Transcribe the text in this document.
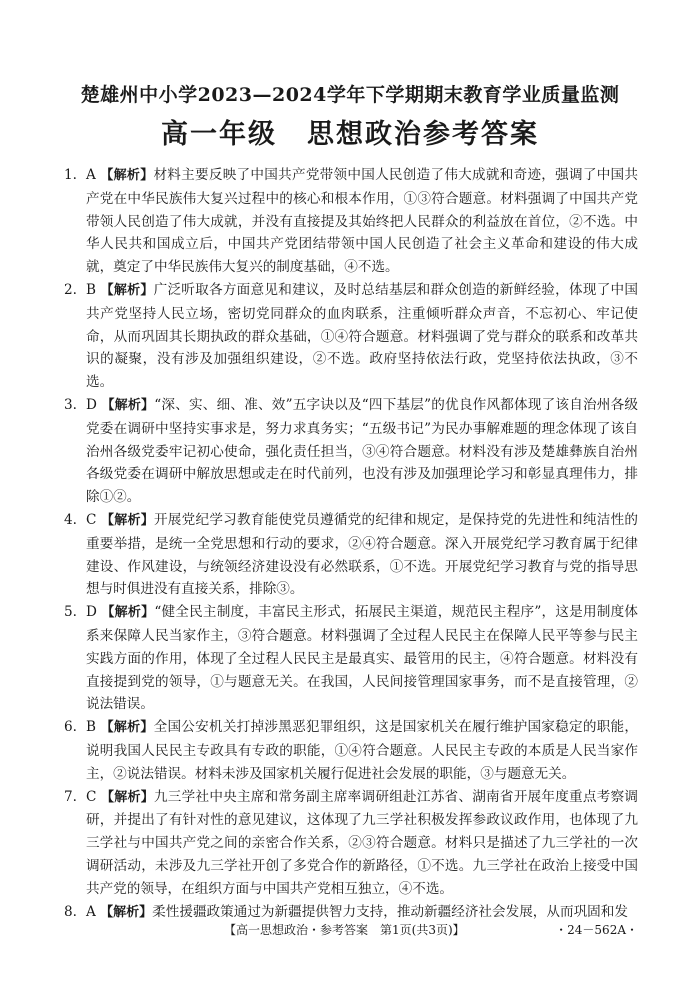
楚雄州中小学2023—2024学年下学期期末教育学业质量监测
高一年级 思想政治参考答案

1. A 【解析】材料主要反映了中国共产党带领中国人民创造了伟大成就和奇迹，强调了中国共产党在中华民族伟大复兴过程中的核心和根本作用，①③符合题意。材料强调了中国共产党带领人民创造了伟大成就，并没有直接提及其始终把人民群众的利益放在首位，②不选。中华人民共和国成立后，中国共产党团结带领中国人民创造了社会主义革命和建设的伟大成就，奠定了中华民族伟大复兴的制度基础，④不选。

2. B 【解析】广泛听取各方面意见和建议，及时总结基层和群众创造的新鲜经验，体现了中国共产党坚持人民立场，密切党同群众的血肉联系，注重倾听群众声音，不忘初心、牢记使命，从而巩固其长期执政的群众基础，①④符合题意。材料强调了党与群众的联系和改革共识的凝聚，没有涉及加强组织建设，②不选。政府坚持依法行政，党坚持依法执政，③不选。

3. D 【解析】“深、实、细、准、效”五字诀以及“四下基层”的优良作风都体现了该自治州各级党委在调研中坚持实事求是，努力求真务实；“五级书记”为民办事解难题的理念体现了该自治州各级党委牢记初心使命，强化责任担当，③④符合题意。材料没有涉及楚雄彝族自治州各级党委在调研中解放思想或走在时代前列，也没有涉及加强理论学习和彰显真理伟力，排除①②。

4. C 【解析】开展党纪学习教育能使党员遵循党的纪律和规定，是保持党的先进性和纯洁性的重要举措，是统一全党思想和行动的要求，②④符合题意。深入开展党纪学习教育属于纪律建设、作风建设，与统领经济建设没有必然联系，①不选。开展党纪学习教育与党的指导思想与时俱进没有直接关系，排除③。

5. D 【解析】“健全民主制度，丰富民主形式，拓展民主渠道，规范民主程序”，这是用制度体系来保障人民当家作主，③符合题意。材料强调了全过程人民民主在保障人民平等参与民主实践方面的作用，体现了全过程人民民主是最真实、最管用的民主，④符合题意。材料没有直接提到党的领导，①与题意无关。在我国，人民间接管理国家事务，而不是直接管理，②说法错误。

6. B 【解析】全国公安机关打掉涉黑恶犯罪组织，这是国家机关在履行维护国家稳定的职能，说明我国人民民主专政具有专政的职能，①④符合题意。人民民主专政的本质是人民当家作主，②说法错误。材料未涉及国家机关履行促进社会发展的职能，③与题意无关。

7. C 【解析】九三学社中央主席和常务副主席率调研组赴江苏省、湖南省开展年度重点考察调研，并提出了有针对性的意见建议，这体现了九三学社积极发挥参政议政作用，也体现了九三学社与中国共产党之间的亲密合作关系，②③符合题意。材料只是描述了九三学社的一次调研活动，未涉及九三学社开创了多党合作的新路径，①不选。九三学社在政治上接受中国共产党的领导，在组织方面与中国共产党相互独立，④不选。

8. A 【解析】柔性援疆政策通过为新疆提供智力支持，推动新疆经济社会发展，从而巩固和发

【高一思想政治・参考答案　第1页(共3页)】	・24－562A・
